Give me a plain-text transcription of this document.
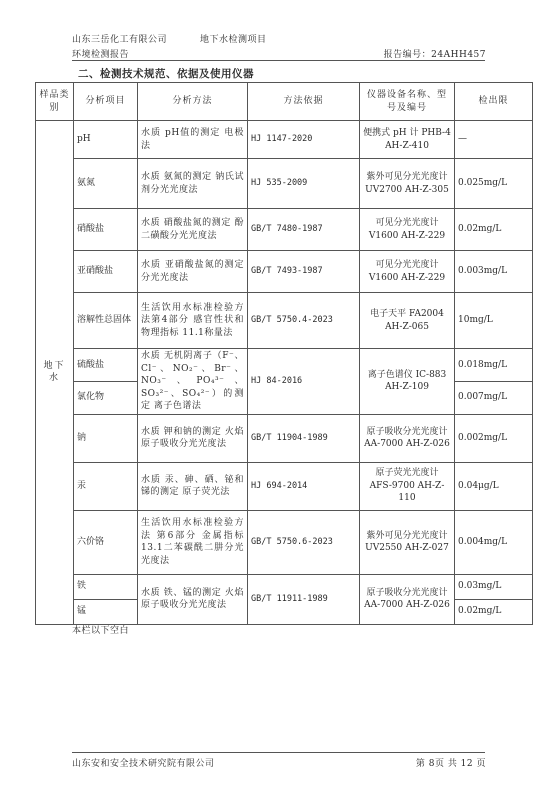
山东三岳化工有限公司	地下水检测项目
环境检测报告	报告编号：24AHH457
二、检测技术规范、依据及使用仪器
样品类别	分析项目	分析方法	方法依据	仪器设备名称、型号及编号	检出限
地下水	pH	水质 pH值的测定 电极法	HJ 1147-2020	便携式 pH 计 PHB-4 AH-Z-410	—
	氨氮	水质 氨氮的测定 钠氏试剂分光光度法	HJ 535-2009	紫外可见分光光度计 UV2700 AH-Z-305	0.025mg/L
	硝酸盐	水质 硝酸盐氮的测定 酚二磺酸分光光度法	GB/T 7480-1987	可见分光光度计 V1600 AH-Z-229	0.02mg/L
	亚硝酸盐	水质 亚硝酸盐氮的测定 分光光度法	GB/T 7493-1987	可见分光光度计 V1600 AH-Z-229	0.003mg/L
	溶解性总固体	生活饮用水标准检验方法第4部分 感官性状和物理指标 11.1称量法	GB/T 5750.4-2023	电子天平 FA2004 AH-Z-065	10mg/L
	硫酸盐	水质 无机阴离子（F⁻、Cl⁻、NO₂⁻、Br⁻、NO₃⁻、PO₄³⁻、SO₃²⁻、SO₄²⁻）的测定 离子色谱法	HJ 84-2016	离子色谱仪 IC-883 AH-Z-109	0.018mg/L
	氯化物				0.007mg/L
	钠	水质 钾和钠的测定 火焰原子吸收分光光度法	GB/T 11904-1989	原子吸收分光光度计 AA-7000 AH-Z-026	0.002mg/L
	汞	水质 汞、砷、硒、铋和锑的测定 原子荧光法	HJ 694-2014	原子荧光光度计 AFS-9700 AH-Z-110	0.04μg/L
	六价铬	生活饮用水标准检验方法 第6部分 金属指标 13.1二苯碳酰二肼分光光度法	GB/T 5750.6-2023	紫外可见分光光度计 UV2550 AH-Z-027	0.004mg/L
	铁	水质 铁、锰的测定 火焰原子吸收分光光度法	GB/T 11911-1989	原子吸收分光光度计 AA-7000 AH-Z-026	0.03mg/L
	锰				0.02mg/L
本栏以下空白
山东安和安全技术研究院有限公司	第 8页 共 12 页
